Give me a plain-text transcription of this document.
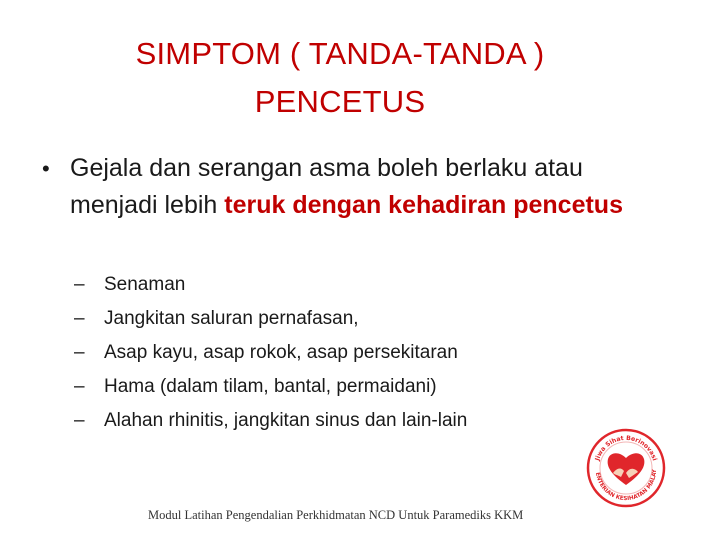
SIMPTOM ( TANDA-TANDA )
PENCETUS
• Gejala dan serangan asma boleh berlaku atau menjadi lebih teruk dengan kehadiran pencetus
–	Senaman
–	Jangkitan saluran pernafasan,
–	Asap kayu, asap rokok, asap persekitaran
–	Hama (dalam tilam, bantal, permaidani)
–	Alahan rhinitis, jangkitan sinus dan lain-lain
Jiwa Sihat Berinovasi
ENTERIAN KESIHATAN MALAY
Modul Latihan Pengendalian Perkhidmatan NCD Untuk Paramediks KKM
